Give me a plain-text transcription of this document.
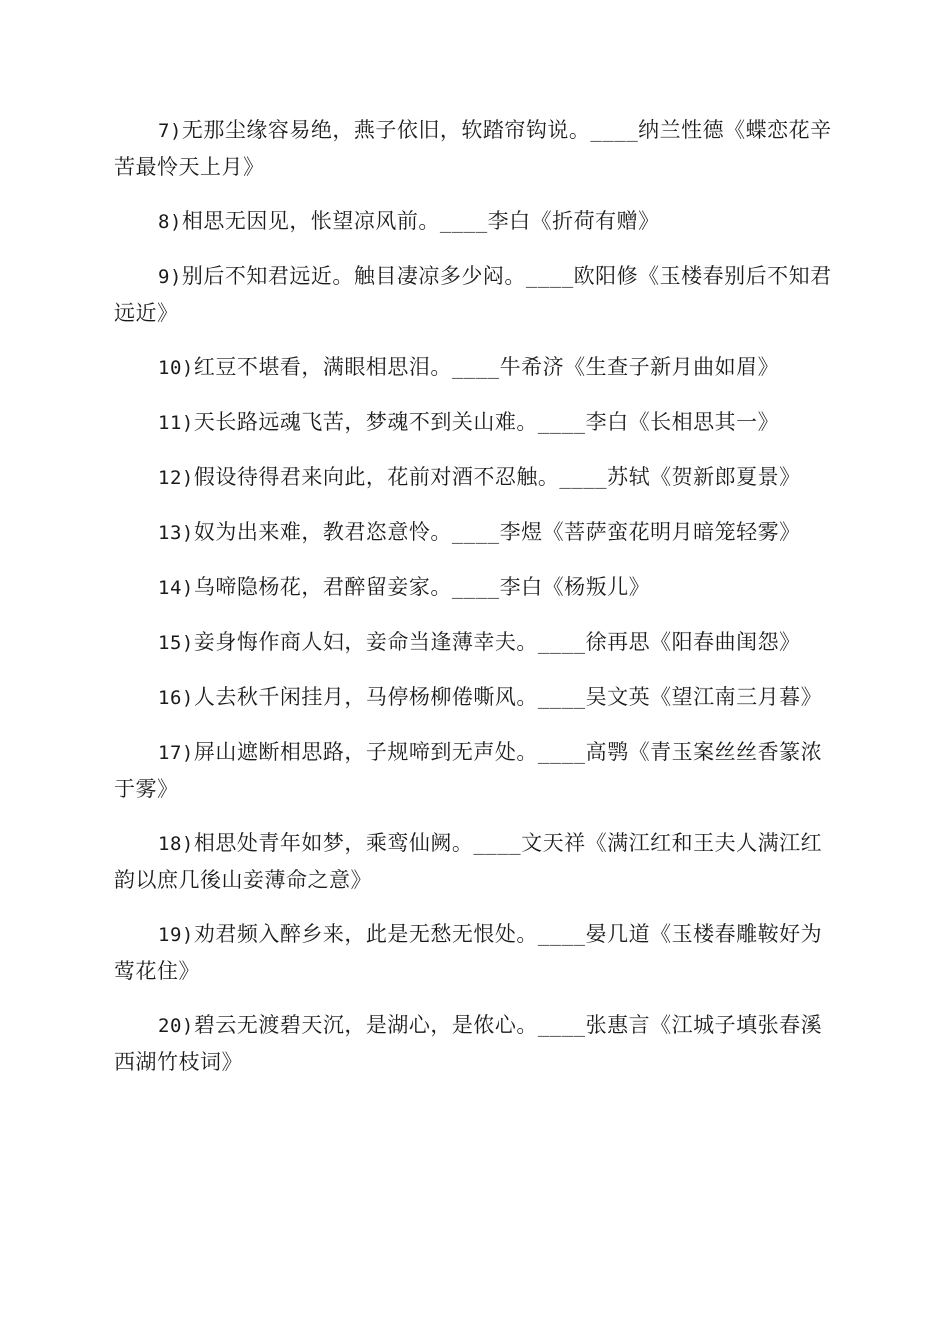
7)无那尘缘容易绝，燕子依旧，软踏帘钩说。____纳兰性德《蝶恋花辛苦最怜天上月》

8)相思无因见，怅望凉风前。____李白《折荷有赠》

9)别后不知君远近。触目凄凉多少闷。____欧阳修《玉楼春别后不知君远近》

10)红豆不堪看，满眼相思泪。____牛希济《生查子新月曲如眉》

11)天长路远魂飞苦，梦魂不到关山难。____李白《长相思其一》

12)假设待得君来向此，花前对酒不忍触。____苏轼《贺新郎夏景》

13)奴为出来难，教君恣意怜。____李煜《菩萨蛮花明月暗笼轻雾》

14)乌啼隐杨花，君醉留妾家。____李白《杨叛儿》

15)妾身悔作商人妇，妾命当逢薄幸夫。____徐再思《阳春曲闺怨》

16)人去秋千闲挂月，马停杨柳倦嘶风。____吴文英《望江南三月暮》

17)屏山遮断相思路，子规啼到无声处。____高鹗《青玉案丝丝香篆浓于雾》

18)相思处青年如梦，乘鸾仙阙。____文天祥《满江红和王夫人满江红韵以庶几後山妾薄命之意》

19)劝君频入醉乡来，此是无愁无恨处。____晏几道《玉楼春雕鞍好为莺花住》

20)碧云无渡碧天沉，是湖心，是侬心。____张惠言《江城子填张春溪西湖竹枝词》
